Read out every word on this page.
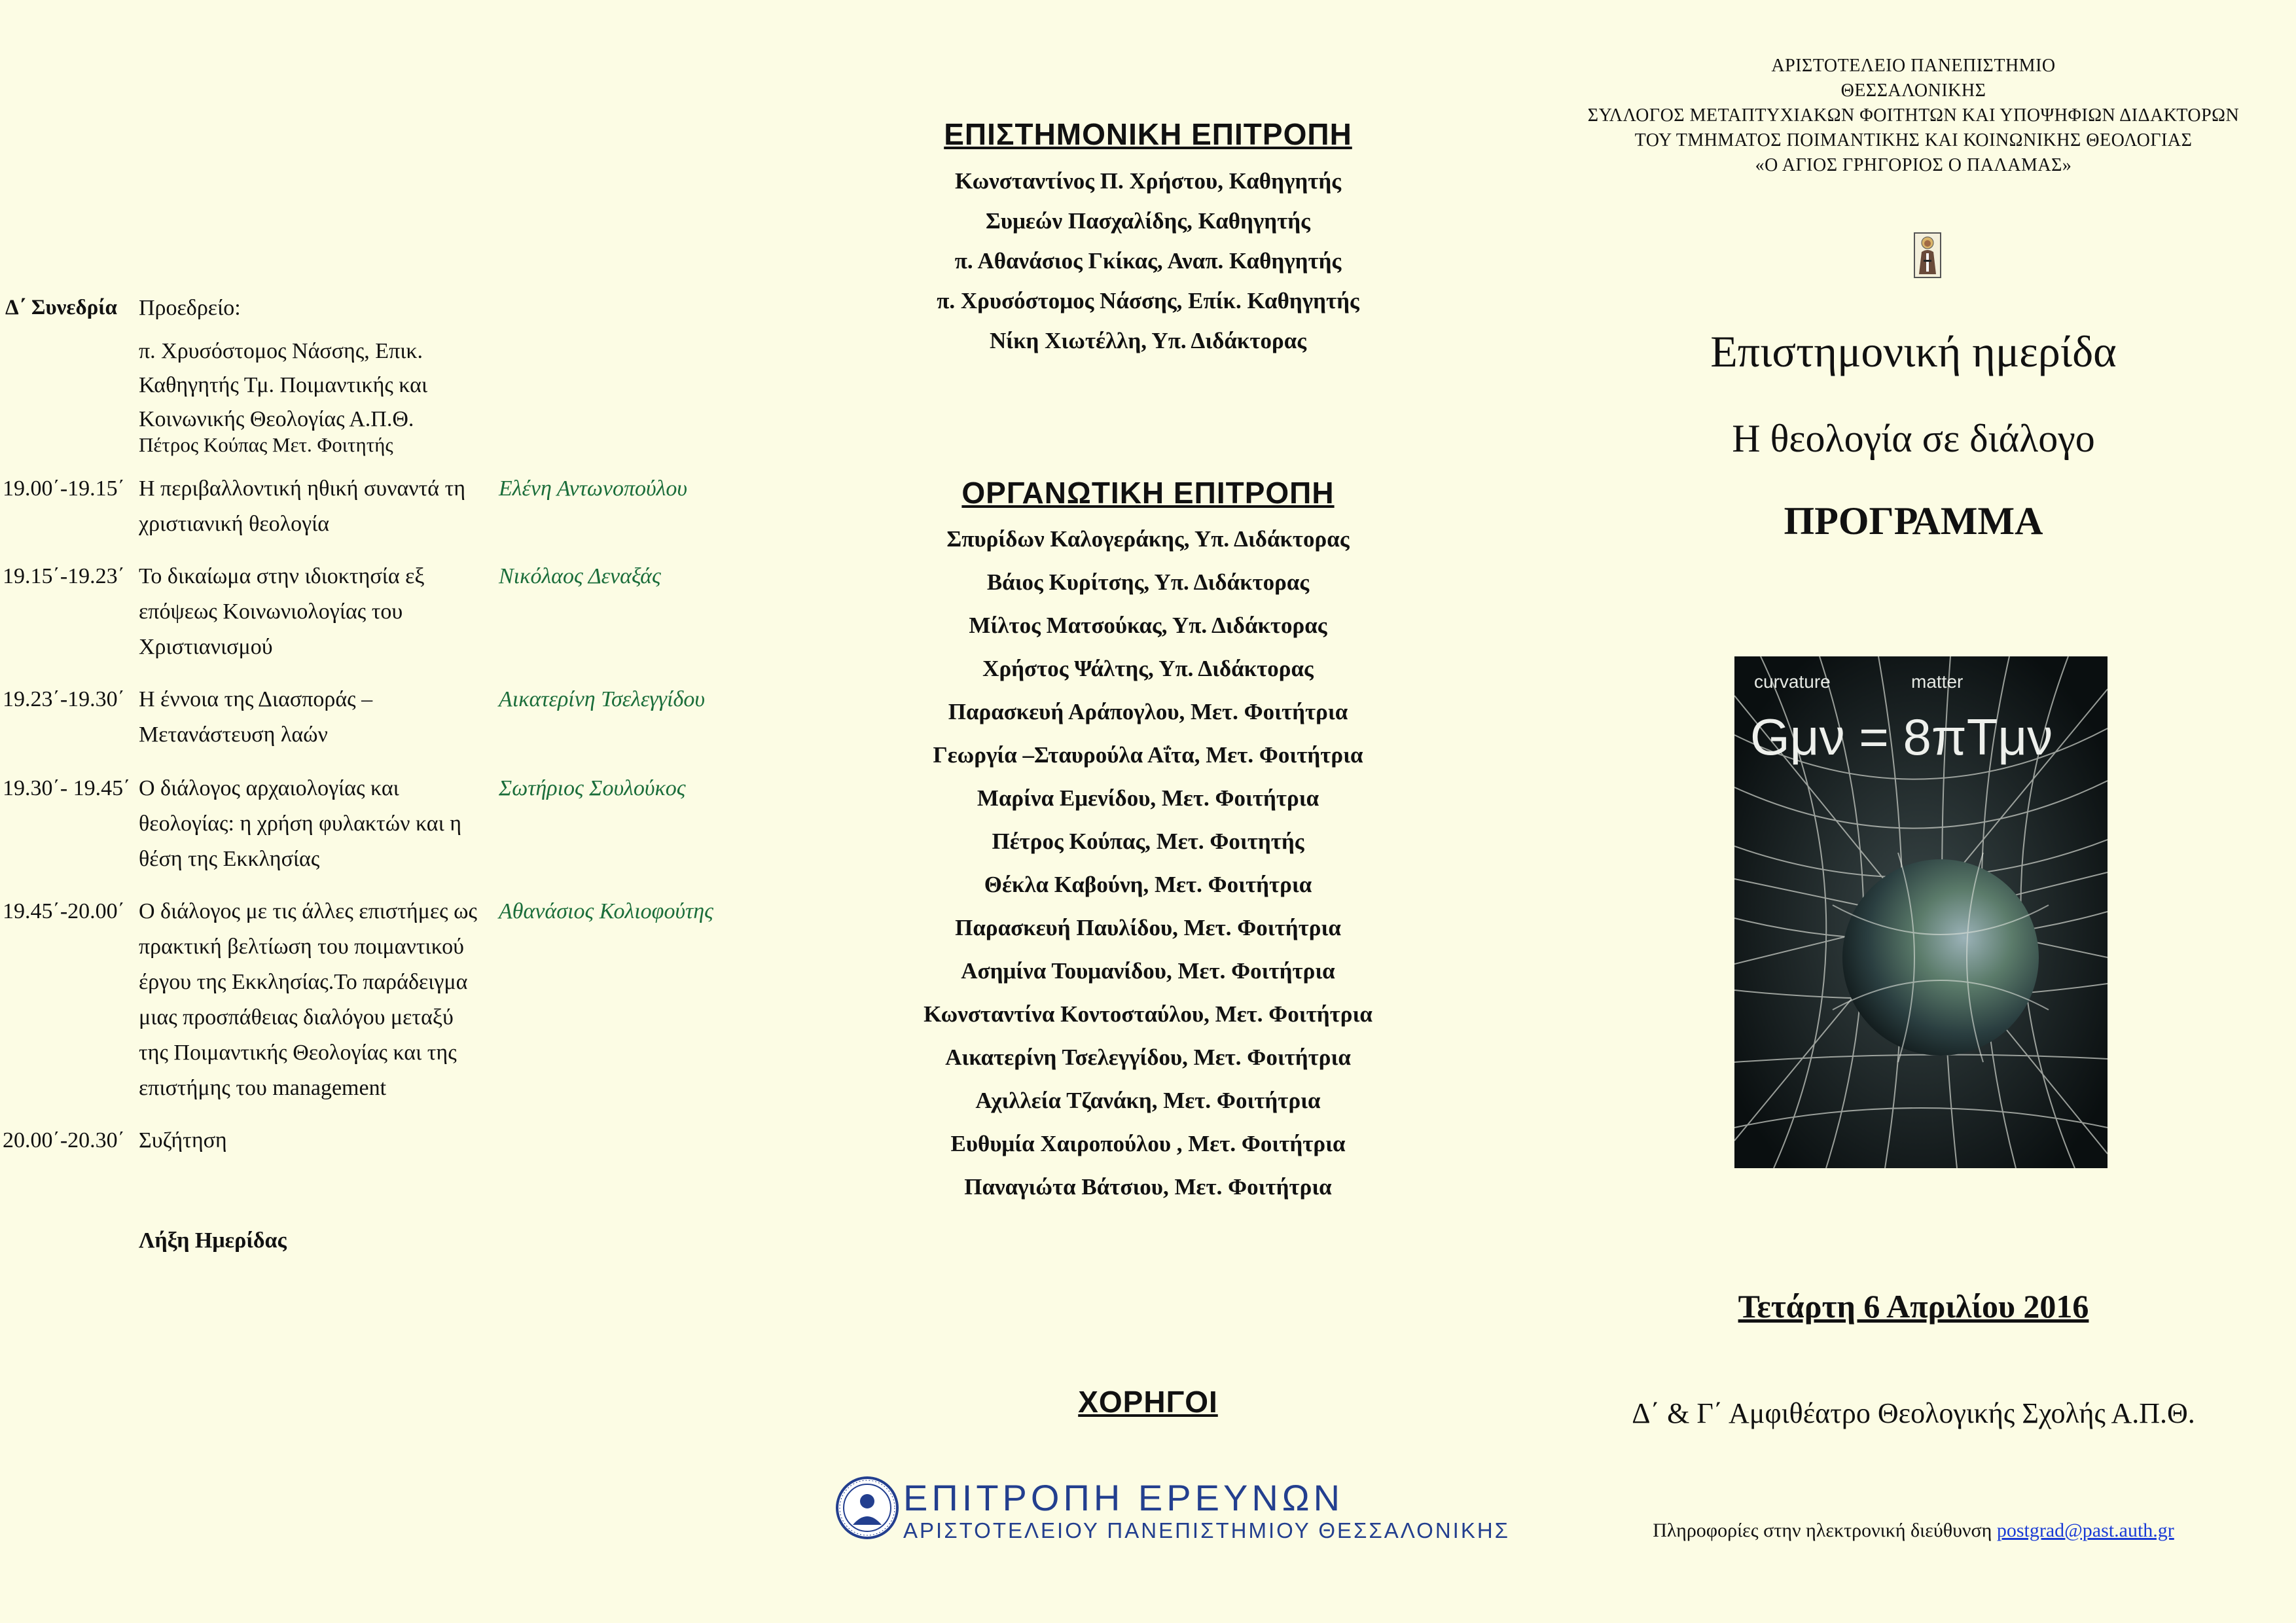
Δ΄ Συνεδρία Προεδρείο:
π. Χρυσόστομος Νάσσης, Επικ.
Καθηγητής Τμ. Ποιμαντικής και
Κοινωνικής Θεολογίας Α.Π.Θ.
Πέτρος Κούπας Μετ. Φοιτητής
19.00΄-19.15΄ Η περιβαλλοντική ηθική συναντά τη χριστιανική θεολογία
Ελένη Αντωνοπούλου
19.15΄-19.23΄ Το δικαίωμα στην ιδιοκτησία εξ επόψεως Κοινωνιολογίας του Χριστιανισμού
Νικόλαος Δεναξάς
19.23΄-19.30΄ Η έννοια της Διασποράς – Μετανάστευση λαών
Αικατερίνη Τσελεγγίδου
19.30΄- 19.45΄ Ο διάλογος αρχαιολογίας και θεολογίας: η χρήση φυλακτών και η θέση της Εκκλησίας
Σωτήριος Σουλούκος
19.45΄-20.00΄ Ο διάλογος με τις άλλες επιστήμες ως πρακτική βελτίωση του ποιμαντικού έργου της Εκκλησίας.Το παράδειγμα μιας προσπάθειας διαλόγου μεταξύ της Ποιμαντικής Θεολογίας και της επιστήμης του management
Αθανάσιος Κολιοφούτης
20.00΄-20.30΄ Συζήτηση
Λήξη Ημερίδας
ΕΠΙΣΤΗΜΟΝΙΚΗ ΕΠΙΤΡΟΠΗ
Κωνσταντίνος Π. Χρήστου, Καθηγητής
Συμεών Πασχαλίδης, Καθηγητής
π. Αθανάσιος Γκίκας, Αναπ. Καθηγητής
π. Χρυσόστομος Νάσσης, Επίκ. Καθηγητής
Νίκη Χιωτέλλη, Υπ. Διδάκτορας
ΟΡΓΑΝΩΤΙΚΗ ΕΠΙΤΡΟΠΗ
Σπυρίδων Καλογεράκης, Υπ. Διδάκτορας
Βάιος Κυρίτσης, Υπ. Διδάκτορας
Μίλτος Ματσούκας, Υπ. Διδάκτορας
Χρήστος Ψάλτης, Υπ. Διδάκτορας
Παρασκευή Αράπογλου, Μετ. Φοιτήτρια
Γεωργία –Σταυρούλα Αΐτα, Μετ. Φοιτήτρια
Μαρίνα Εμενίδου, Μετ. Φοιτήτρια
Πέτρος Κούπας, Μετ. Φοιτητής
Θέκλα Καβούνη, Μετ. Φοιτήτρια
Παρασκευή Παυλίδου, Μετ. Φοιτήτρια
Ασημίνα Τουμανίδου, Μετ. Φοιτήτρια
Κωνσταντίνα Κοντοσταύλου, Μετ. Φοιτήτρια
Αικατερίνη Τσελεγγίδου, Μετ. Φοιτήτρια
Αχιλλεία Τζανάκη, Μετ. Φοιτήτρια
Ευθυμία Χαιροπούλου , Μετ. Φοιτήτρια
Παναγιώτα Βάτσιου, Μετ. Φοιτήτρια
ΧΟΡΗΓΟΙ
ΕΠΙΤΡΟΠΗ ΕΡΕΥΝΩΝ
ΑΡΙΣΤΟΤΕΛΕΙΟΥ ΠΑΝΕΠΙΣΤΗΜΙΟΥ ΘΕΣΣΑΛΟΝΙΚΗΣ
ΑΡΙΣΤΟΤΕΛΕΙΟ ΠΑΝΕΠΙΣΤΗΜΙΟ
ΘΕΣΣΑΛΟΝΙΚΗΣ
ΣΥΛΛΟΓΟΣ ΜΕΤΑΠΤΥΧΙΑΚΩΝ ΦΟΙΤΗΤΩΝ ΚΑΙ ΥΠΟΨΗΦΙΩΝ ΔΙΔΑΚΤΟΡΩΝ
ΤΟΥ ΤΜΗΜΑΤΟΣ ΠΟΙΜΑΝΤΙΚΗΣ ΚΑΙ ΚΟΙΝΩΝΙΚΗΣ ΘΕΟΛΟΓΙΑΣ
«Ο ΑΓΙΟΣ ΓΡΗΓΟΡΙΟΣ Ο ΠΑΛΑΜΑΣ»
Επιστημονική ημερίδα
Η θεολογία σε διάλογο
ΠΡΟΓΡΑΜΜΑ
Τετάρτη 6 Απριλίου 2016
Δ΄ & Γ΄ Αμφιθέατρο Θεολογικής Σχολής Α.Π.Θ.
Πληροφορίες στην ηλεκτρονική διεύθυνση postgrad@past.auth.gr
curvature	matter
Gμν = 8πTμν
